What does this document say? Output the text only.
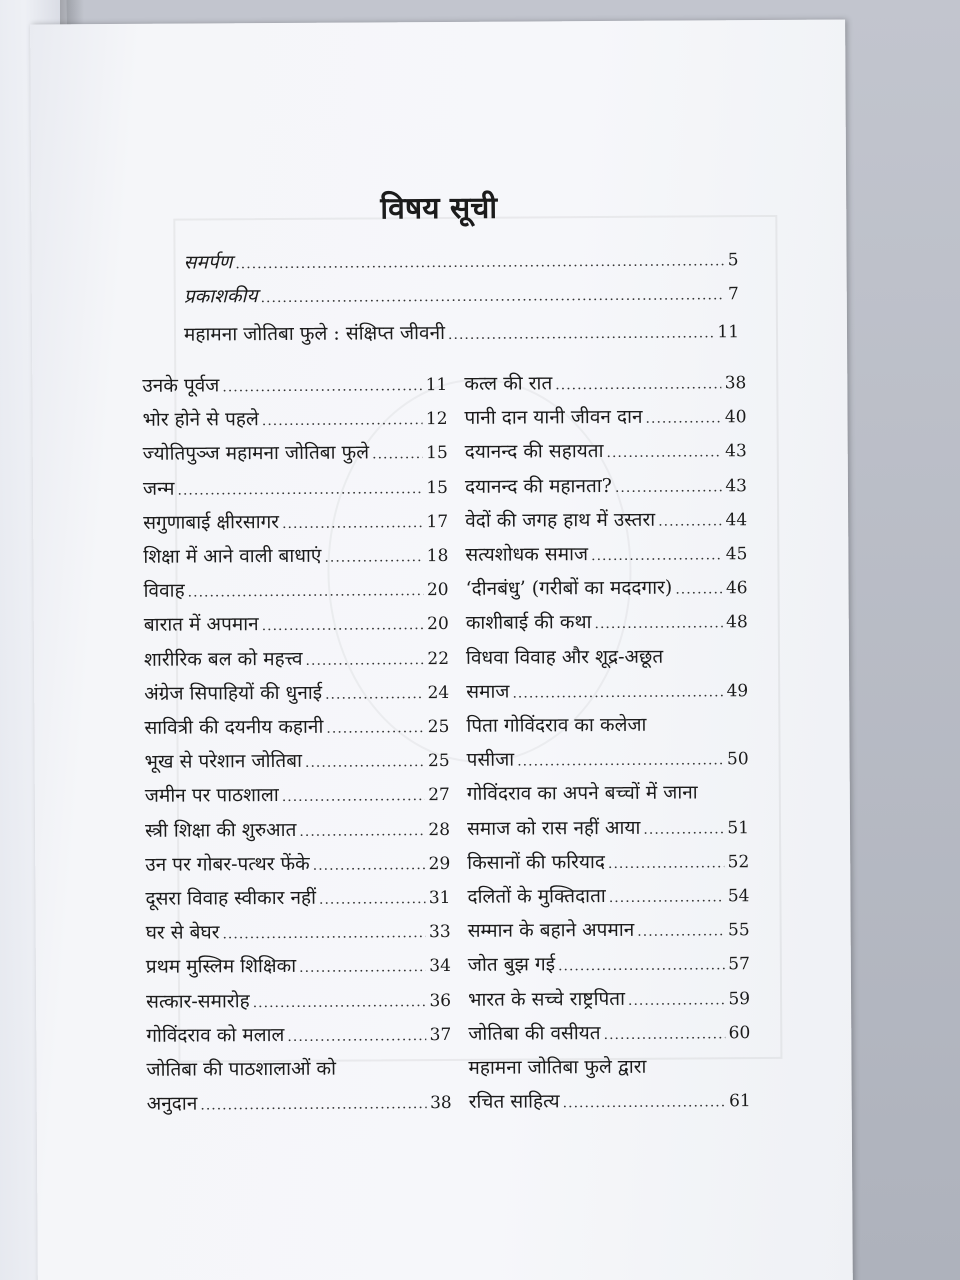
विषय सूची
समर्पण .....	5
प्रकाशकीय .....	7
महामना जोतिबा फुले : संक्षिप्त जीवनी .....	11
उनके पूर्वज .....	11
भोर होने से पहले .....	12
ज्योतिपुञ्ज महामना जोतिबा फुले .....	15
जन्म .....	15
सगुणाबाई क्षीरसागर .....	17
शिक्षा में आने वाली बाधाएं .....	18
विवाह .....	20
बारात में अपमान .....	20
शारीरिक बल को महत्त्व .....	22
अंग्रेज सिपाहियों की धुनाई .....	24
सावित्री की दयनीय कहानी .....	25
भूख से परेशान जोतिबा .....	25
जमीन पर पाठशाला .....	27
स्त्री शिक्षा की शुरुआत .....	28
उन पर गोबर-पत्थर फेंके .....	29
दूसरा विवाह स्वीकार नहीं .....	31
घर से बेघर .....	33
प्रथम मुस्लिम शिक्षिका .....	34
सत्कार-समारोह .....	36
गोविंदराव को मलाल .....	37
जोतिबा की पाठशालाओं को
अनुदान .....	38
कत्ल की रात .....	38
पानी दान यानी जीवन दान .....	40
दयानन्द की सहायता .....	43
दयानन्द की महानता? .....	43
वेदों की जगह हाथ में उस्तरा .....	44
सत्यशोधक समाज .....	45
‘दीनबंधु’ (गरीबों का मददगार) .....	46
काशीबाई की कथा .....	48
विधवा विवाह और शूद्र-अछूत
समाज .....	49
पिता गोविंदराव का कलेजा
पसीजा .....	50
गोविंदराव का अपने बच्चों में जाना
समाज को रास नहीं आया .....	51
किसानों की फरियाद .....	52
दलितों के मुक्तिदाता .....	54
सम्मान के बहाने अपमान .....	55
जोत बुझ गई .....	57
भारत के सच्चे राष्ट्रपिता .....	59
जोतिबा की वसीयत .....	60
महामना जोतिबा फुले द्वारा
रचित साहित्य .....	61
